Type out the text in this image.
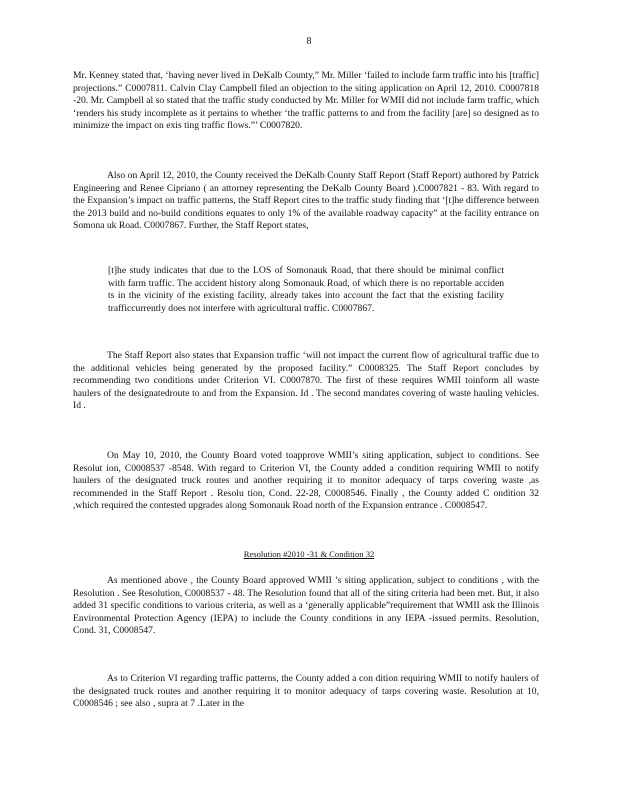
8

Mr. Kenney stated that, ‘having never lived in DeKalb County,” Mr. Miller ‘failed to include farm traffic into his [traffic] projections.” C0007811. Calvin Clay Campbell filed an objection to the siting application on April 12, 2010. C0007818 -20. Mr. Campbell al so stated that the traffic study conducted by Mr. Miller for WMII did not include farm traffic, which ‘renders his study incomplete as it pertains to whether ‘the traffic patterns to and from the facility [are] so designed as to minimize the impact on exis ting traffic flows.”’ C0007820.

Also on April 12, 2010, the County received the DeKalb County Staff Report (Staff Report) authored by Patrick Engineering and Renee Cipriano ( an attorney representing the DeKalb County Board ).C0007821 - 83. With regard to the Expansion’s impact on traffic patterns, the Staff Report cites to the traffic study finding that ‘[t]he difference between the 2013 build and no-build conditions equates to only 1% of the available roadway capacity” at the facility entrance on Somona uk Road. C0007867. Further, the Staff Report states,

[t]he study indicates that due to the LOS of Somonauk Road, that there should be minimal conflict with farm traffic. The accident history along Somonauk Road, of which there is no reportable acciden ts in the vicinity of the existing facility, already takes into account the fact that the existing facility trafficcurrently does not interfere with agricultural traffic. C0007867.

The Staff Report also states that Expansion traffic ‘will not impact the current flow of agricultural traffic due to the additional vehicles being generated by the proposed facility.” C0008325. The Staff Report concludes by recommending two conditions under Criterion VI. C0007870. The first of these requires WMII toinform all waste haulers of the designatedroute to and from the Expansion. Id . The second mandates covering of waste hauling vehicles. Id .

On May 10, 2010, the County Board voted toapprove WMII’s siting application, subject to conditions. See Resolut ion, C0008537 -8548. With regard to Criterion VI, the County added a condition requiring WMII to notify haulers of the designated truck routes and another requiring it to monitor adequacy of tarps covering waste ,as recommended in the Staff Report . Resolu tion, Cond. 22-28, C0008546. Finally , the County added C ondition 32 ,which required the contested upgrades along Somonauk Road north of the Expansion entrance . C0008547.

Resolution #2010 -31 & Condition 32

As mentioned above , the County Board approved WMII ’s siting application, subject to conditions , with the Resolution . See Resolution, C0008537 - 48. The Resolution found that all of the siting criteria had been met. But, it also added 31 specific conditions to various criteria, as well as a ‘generally applicable”requirement that WMII ask the Illinois Environmental Protection Agency (IEPA) to include the County conditions in any IEPA -issued permits. Resolution, Cond. 31, C0008547.

As to Criterion VI regarding traffic patterns, the County added a con dition requiring WMII to notify haulers of the designated truck routes and another requiring it to monitor adequacy of tarps covering waste. Resolution at 10, C0008546 ; see also , supra at 7 .Later in the
